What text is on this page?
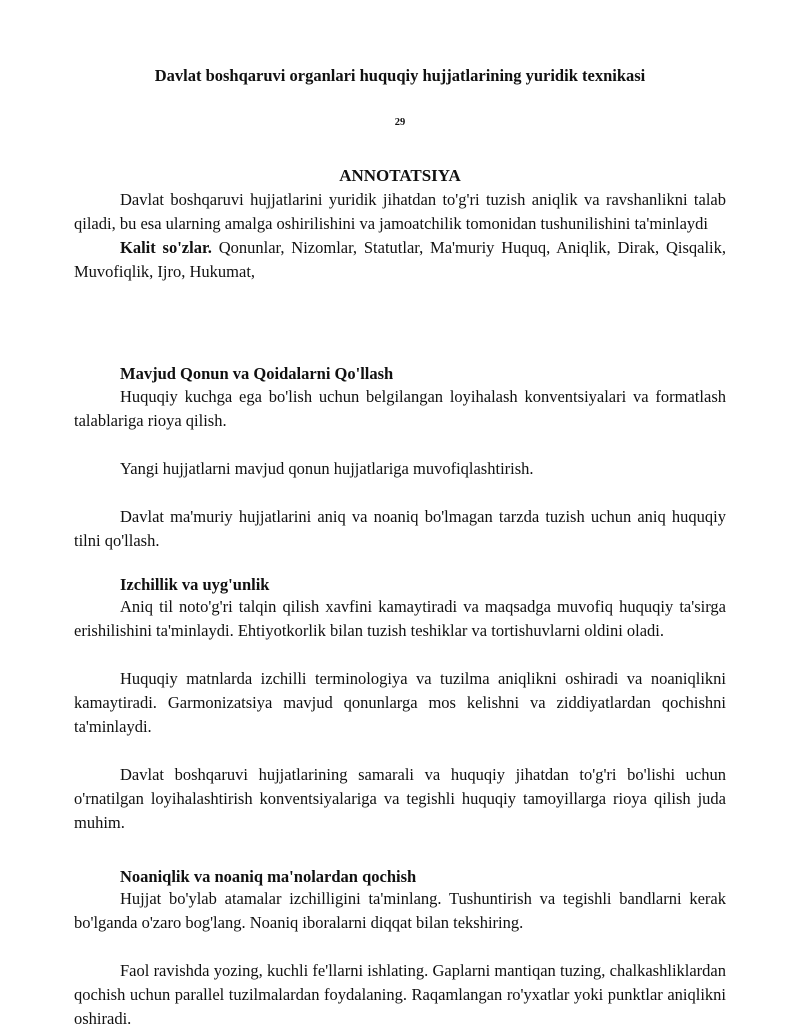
Davlat boshqaruvi organlari huquqiy hujjatlarining yuridik texnikasi
29
ANNOTATSIYA

Davlat boshqaruvi hujjatlarini yuridik jihatdan to'g'ri tuzish aniqlik va ravshanlikni talab qiladi, bu esa ularning amalga oshirilishini va jamoatchilik tomonidan tushunilishini ta'minlaydi

Kalit so'zlar. Qonunlar, Nizomlar, Statutlar, Ma'muriy Huquq, Aniqlik, Dirak, Qisqalik, Muvofiqlik, Ijro, Hukumat,

Mavjud Qonun va Qoidalarni Qo'llash

Huquqiy kuchga ega bo'lish uchun belgilangan loyihalash konventsiyalari va formatlash talablariga rioya qilish.

Yangi hujjatlarni mavjud qonun hujjatlariga muvofiqlashtirish.

Davlat ma'muriy hujjatlarini aniq va noaniq bo'lmagan tarzda tuzish uchun aniq huquqiy tilni qo'llash.

Izchillik va uyg'unlik

Aniq til noto'g'ri talqin qilish xavfini kamaytiradi va maqsadga muvofiq huquqiy ta'sirga erishilishini ta'minlaydi. Ehtiyotkorlik bilan tuzish teshiklar va tortishuvlarni oldini oladi.

Huquqiy matnlarda izchilli terminologiya va tuzilma aniqlikni oshiradi va noaniqlikni kamaytiradi. Garmonizatsiya mavjud qonunlarga mos kelishni va ziddiyatlardan qochishni ta'minlaydi.

Davlat boshqaruvi hujjatlarining samarali va huquqiy jihatdan to'g'ri bo'lishi uchun o'rnatilgan loyihalashtirish konventsiyalariga va tegishli huquqiy tamoyillarga rioya qilish juda muhim.

Noaniqlik va noaniq ma'nolardan qochish

Hujjat bo'ylab atamalar izchilligini ta'minlang. Tushuntirish va tegishli bandlarni kerak bo'lganda o'zaro bog'lang. Noaniq iboralarni diqqat bilan tekshiring.

Faol ravishda yozing, kuchli fe'llarni ishlating. Gaplarni mantiqan tuzing, chalkashliklardan qochish uchun parallel tuzilmalardan foydalaning. Raqamlangan ro'yxatlar yoki punktlar aniqlikni oshiradi.
